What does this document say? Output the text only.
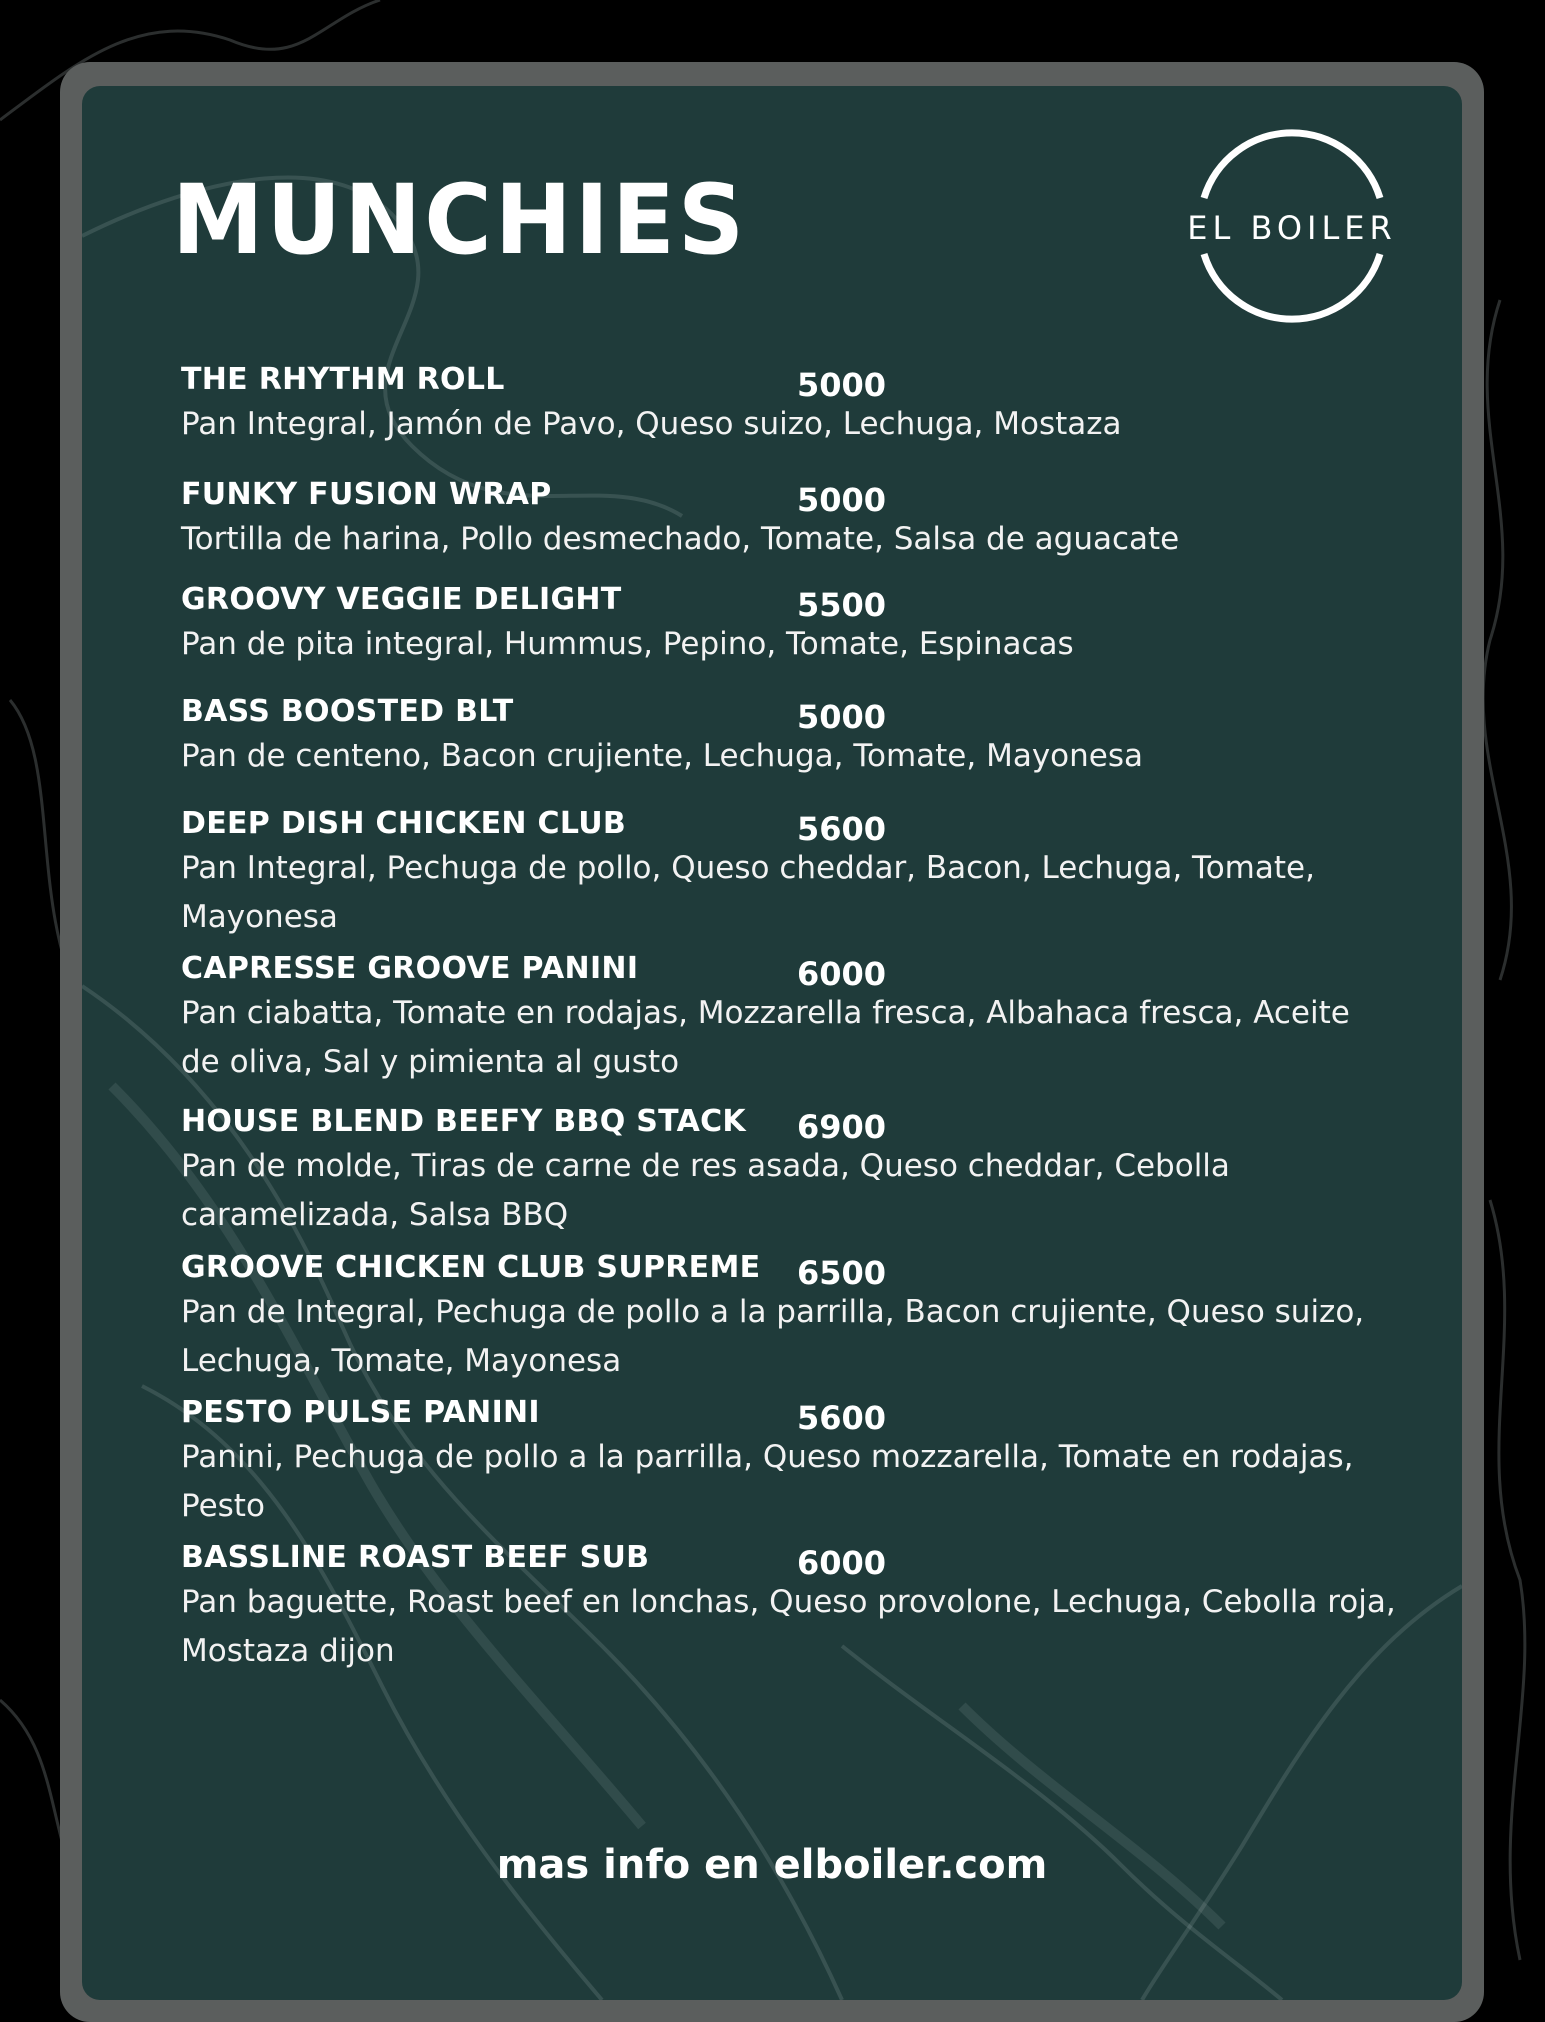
MUNCHIES	EL BOILER
THE RHYTHM ROLL	5000
Pan Integral, Jamón de Pavo, Queso suizo, Lechuga, Mostaza
FUNKY FUSION WRAP	5000
Tortilla de harina, Pollo desmechado, Tomate, Salsa de aguacate
GROOVY VEGGIE DELIGHT	5500
Pan de pita integral, Hummus, Pepino, Tomate, Espinacas
BASS BOOSTED BLT	5000
Pan de centeno, Bacon crujiente, Lechuga, Tomate, Mayonesa
DEEP DISH CHICKEN CLUB	5600
Pan Integral, Pechuga de pollo, Queso cheddar, Bacon, Lechuga, Tomate, Mayonesa
CAPRESSE GROOVE PANINI	6000
Pan ciabatta, Tomate en rodajas, Mozzarella fresca, Albahaca fresca, Aceite de oliva, Sal y pimienta al gusto
HOUSE BLEND BEEFY BBQ STACK 6900
Pan de molde, Tiras de carne de res asada, Queso cheddar, Cebolla caramelizada, Salsa BBQ
GROOVE CHICKEN CLUB SUPREME 6500
Pan de Integral, Pechuga de pollo a la parrilla, Bacon crujiente, Queso suizo, Lechuga, Tomate, Mayonesa
PESTO PULSE PANINI	5600
Panini, Pechuga de pollo a la parrilla, Queso mozzarella, Tomate en rodajas, Pesto
BASSLINE ROAST BEEF SUB	6000
Pan baguette, Roast beef en lonchas, Queso provolone, Lechuga, Cebolla roja, Mostaza dijon
mas info en elboiler.com
